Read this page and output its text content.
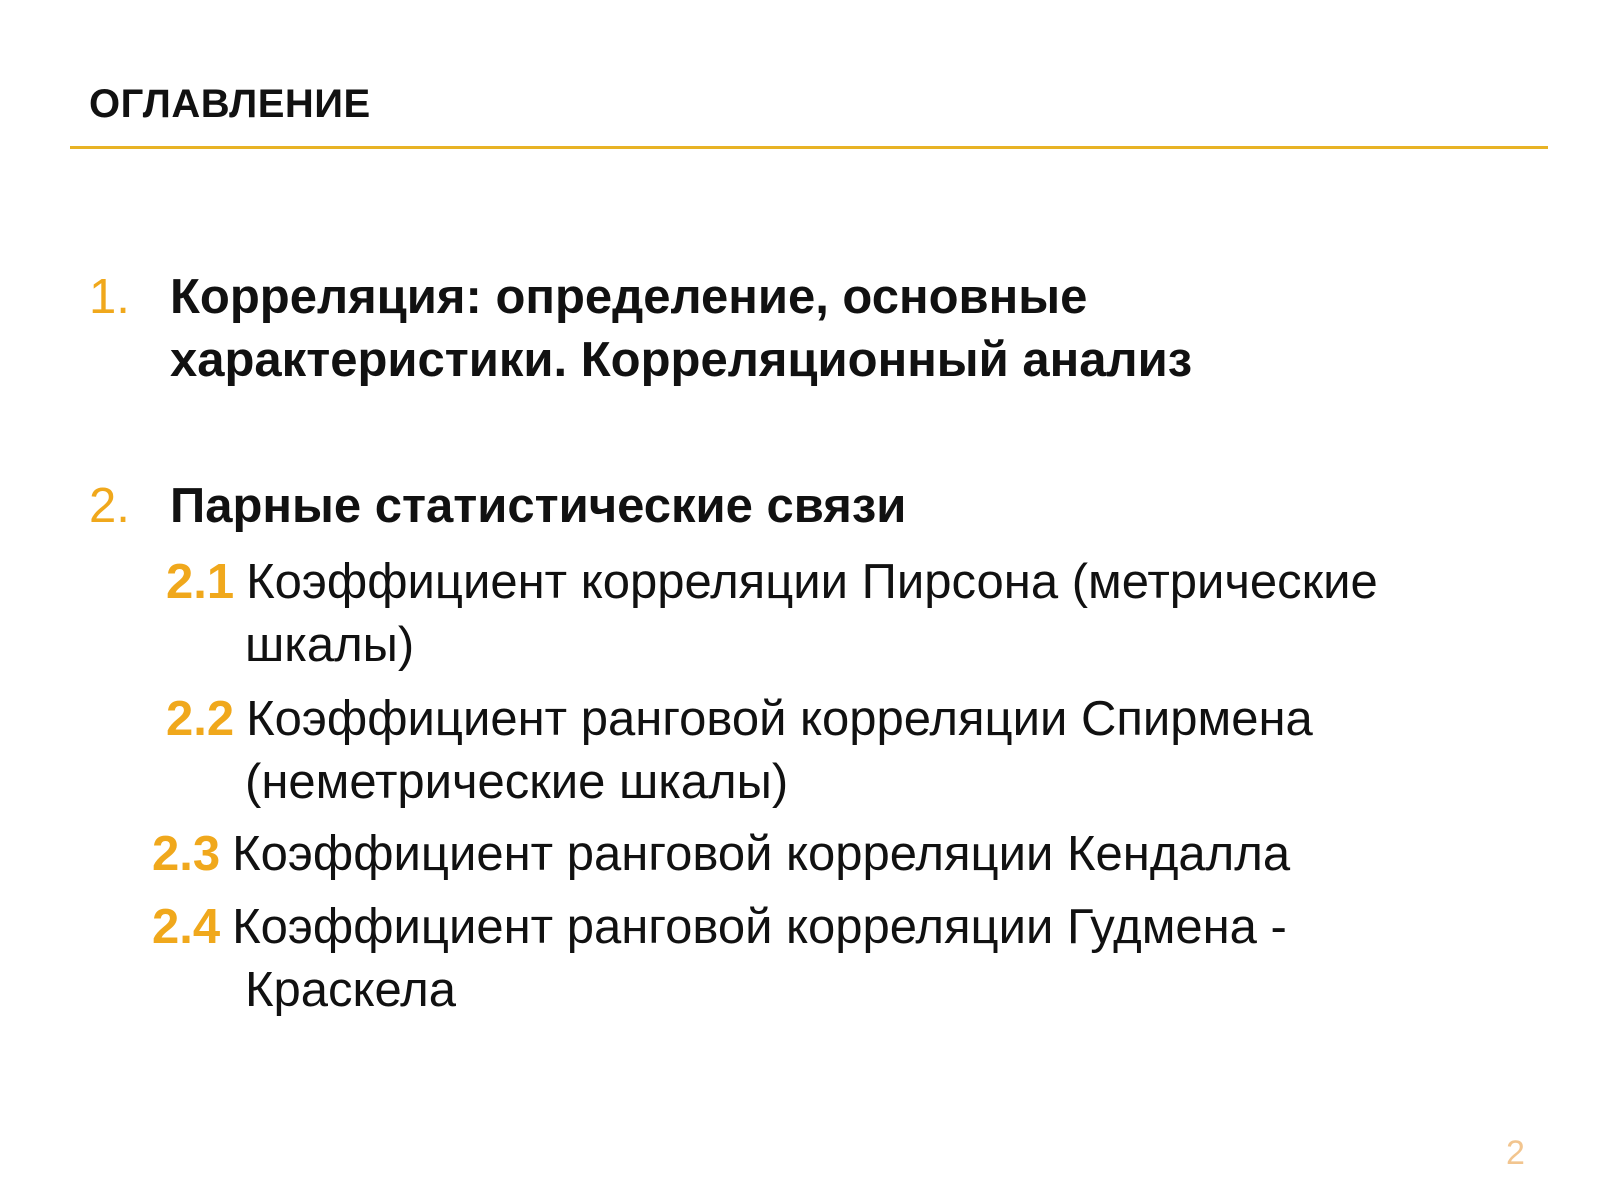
ОГЛАВЛЕНИЕ
1. Корреляция: определение, основные
характеристики. Корреляционный анализ
2. Парные статистические связи
2.1 Коэффициент корреляции Пирсона (метрические
шкалы)
2.2 Коэффициент ранговой корреляции Спирмена
(неметрические шкалы)
2.3 Коэффициент ранговой корреляции Кендалла
2.4 Коэффициент ранговой корреляции Гудмена -
Краскела
2
